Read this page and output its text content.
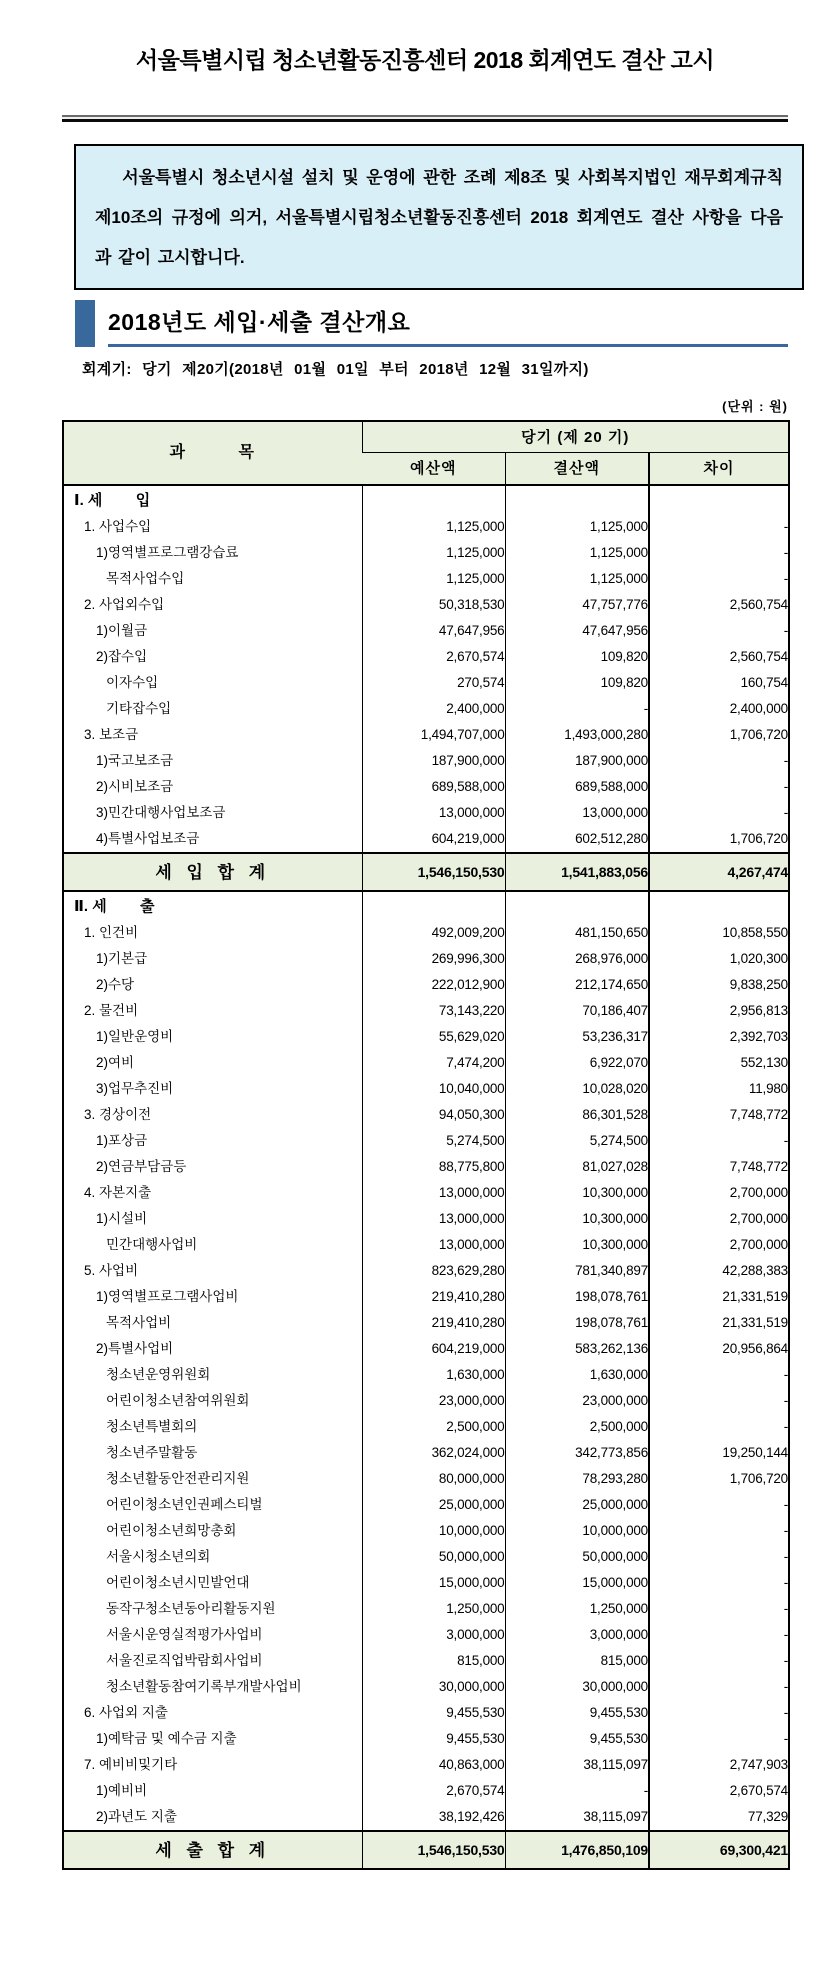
서울특별시립 청소년활동진흥센터 2018 회계연도 결산 고시

서울특별시 청소년시설 설치 및 운영에 관한 조례 제8조 및 사회복지법인 재무회계규칙 제10조의 규정에 의거, 서울특별시립청소년활동진흥센터 2018 회계연도 결산 사항을 다음과 같이 고시합니다.

2018년도 세입·세출 결산개요
회계기: 당기 제20기(2018년 01월 01일 부터 2018년 12월 31일까지)
(단위 : 원)
과        목	당기 (제 20 기)		
	예산액	결산액	차이
Ⅰ. 세        입			
1. 사업수입	1,125,000	1,125,000	-
1)영역별프로그램강습료	1,125,000	1,125,000	-
목적사업수입	1,125,000	1,125,000	-
2. 사업외수입	50,318,530	47,757,776	2,560,754
1)이월금	47,647,956	47,647,956	-
2)잡수입	2,670,574	109,820	2,560,754
이자수입	270,574	109,820	160,754
기타잡수입	2,400,000	-	2,400,000
3. 보조금	1,494,707,000	1,493,000,280	1,706,720
1)국고보조금	187,900,000	187,900,000	-
2)시비보조금	689,588,000	689,588,000	-
3)민간대행사업보조금	13,000,000	13,000,000	-
4)특별사업보조금	604,219,000	602,512,280	1,706,720
세 입 합 계	1,546,150,530	1,541,883,056	4,267,474
Ⅱ. 세        출			
1. 인건비	492,009,200	481,150,650	10,858,550
1)기본급	269,996,300	268,976,000	1,020,300
2)수당	222,012,900	212,174,650	9,838,250
2. 물건비	73,143,220	70,186,407	2,956,813
1)일반운영비	55,629,020	53,236,317	2,392,703
2)여비	7,474,200	6,922,070	552,130
3)업무추진비	10,040,000	10,028,020	11,980
3. 경상이전	94,050,300	86,301,528	7,748,772
1)포상금	5,274,500	5,274,500	-
2)연금부담금등	88,775,800	81,027,028	7,748,772
4. 자본지출	13,000,000	10,300,000	2,700,000
1)시설비	13,000,000	10,300,000	2,700,000
민간대행사업비	13,000,000	10,300,000	2,700,000
5. 사업비	823,629,280	781,340,897	42,288,383
1)영역별프로그램사업비	219,410,280	198,078,761	21,331,519
목적사업비	219,410,280	198,078,761	21,331,519
2)특별사업비	604,219,000	583,262,136	20,956,864
청소년운영위원회	1,630,000	1,630,000	-
어린이청소년참여위원회	23,000,000	23,000,000	-
청소년특별회의	2,500,000	2,500,000	-
청소년주말활동	362,024,000	342,773,856	19,250,144
청소년활동안전관리지원	80,000,000	78,293,280	1,706,720
어린이청소년인권페스티벌	25,000,000	25,000,000	-
어린이청소년희망총회	10,000,000	10,000,000	-
서울시청소년의회	50,000,000	50,000,000	-
어린이청소년시민발언대	15,000,000	15,000,000	-
동작구청소년동아리활동지원	1,250,000	1,250,000	-
서울시운영실적평가사업비	3,000,000	3,000,000	-
서울진로직업박람회사업비	815,000	815,000	-
청소년활동참여기록부개발사업비	30,000,000	30,000,000	-
6. 사업외 지출	9,455,530	9,455,530	-
1)예탁금 및 예수금 지출	9,455,530	9,455,530	-
7. 예비비및기타	40,863,000	38,115,097	2,747,903
1)예비비	2,670,574	-	2,670,574
2)과년도 지출	38,192,426	38,115,097	77,329
세 출 합 계	1,546,150,530	1,476,850,109	69,300,421
